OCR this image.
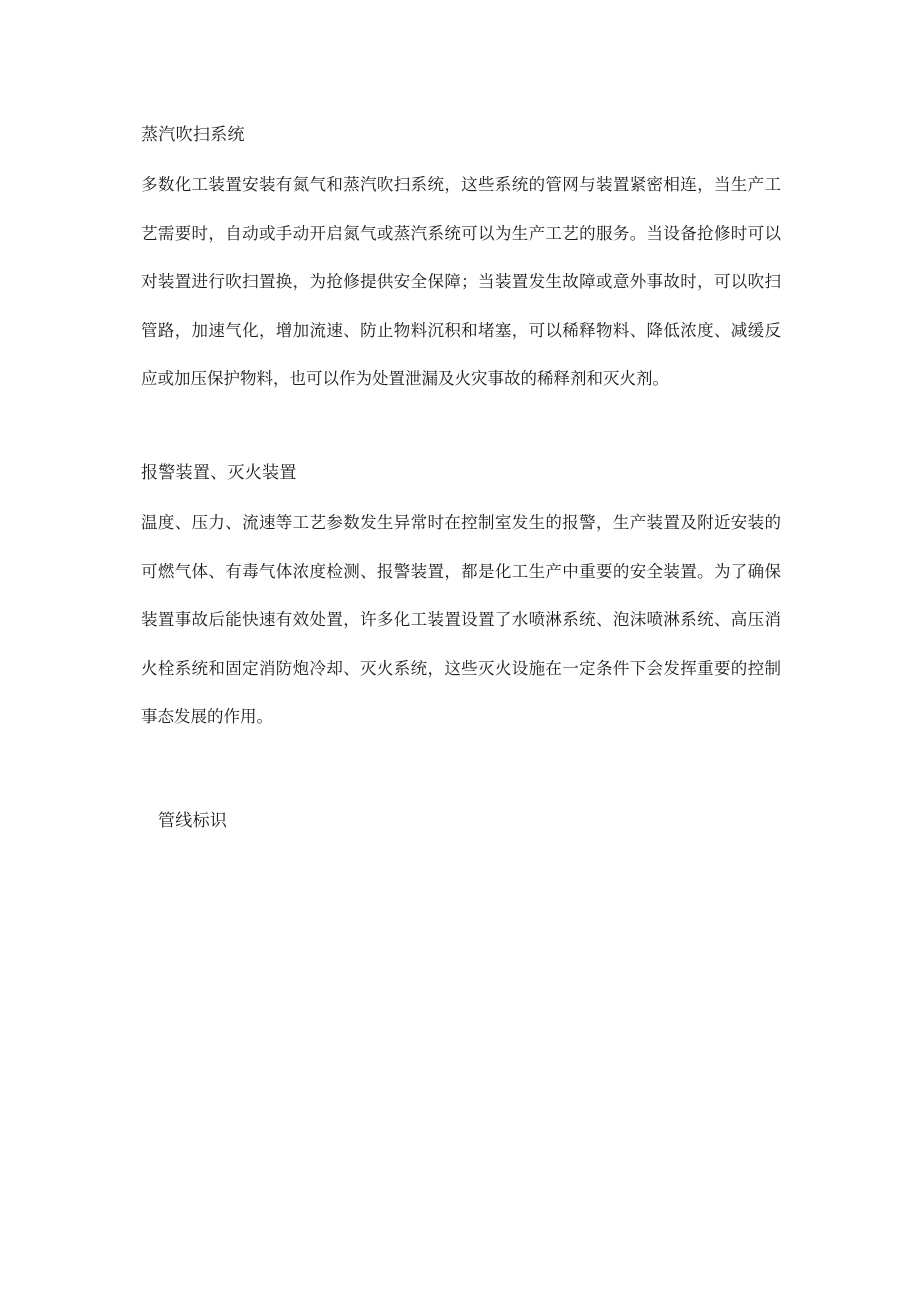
蒸汽吹扫系统
多数化工装置安装有氮气和蒸汽吹扫系统，这些系统的管网与装置紧密相连，当生产工艺需要时，自动或手动开启氮气或蒸汽系统可以为生产工艺的服务。当设备抢修时可以对装置进行吹扫置换，为抢修提供安全保障；当装置发生故障或意外事故时，可以吹扫管路，加速气化，增加流速、防止物料沉积和堵塞，可以稀释物料、降低浓度、减缓反应或加压保护物料，也可以作为处置泄漏及火灾事故的稀释剂和灭火剂。
报警装置、灭火装置
温度、压力、流速等工艺参数发生异常时在控制室发生的报警，生产装置及附近安装的可燃气体、有毒气体浓度检测、报警装置，都是化工生产中重要的安全装置。为了确保装置事故后能快速有效处置，许多化工装置设置了水喷淋系统、泡沫喷淋系统、高压消火栓系统和固定消防炮冷却、灭火系统，这些灭火设施在一定条件下会发挥重要的控制事态发展的作用。
管线标识
